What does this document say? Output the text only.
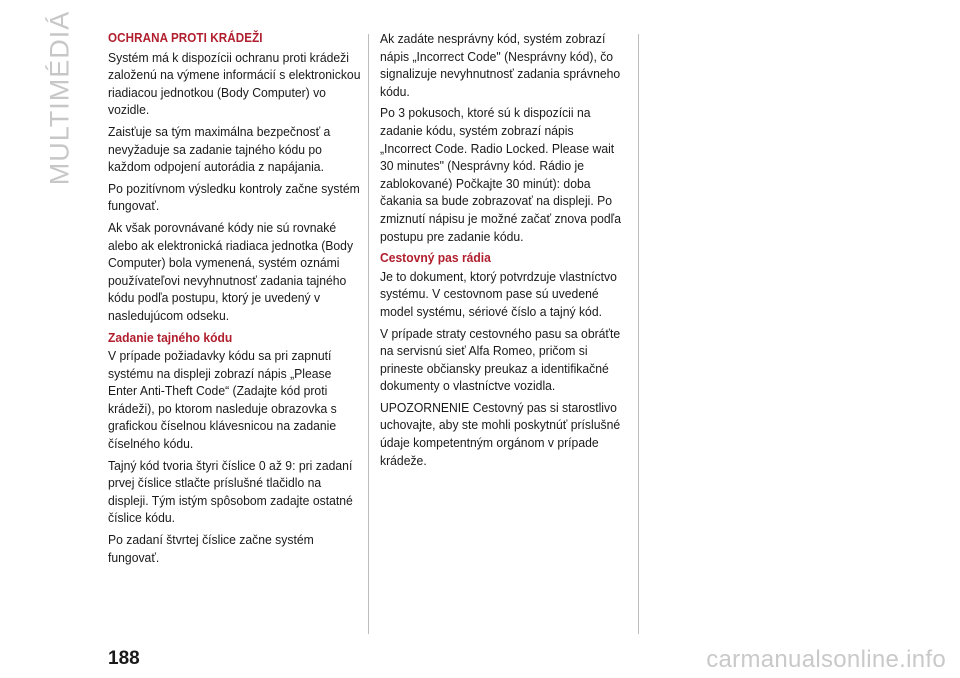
MULTIMÉDIÁ	OCHRANA PROTI KRÁDEŽI

Systém má k dispozícii ochranu proti krádeži založenú na výmene informácií s elektronickou riadiacou jednotkou (Body Computer) vo vozidle.

Zaisťuje sa tým maximálna bezpečnosť a nevyžaduje sa zadanie tajného kódu po každom odpojení autorádia z napájania.

Po pozitívnom výsledku kontroly začne systém fungovať.

Ak však porovnávané kódy nie sú rovnaké alebo ak elektronická riadiaca jednotka (Body Computer) bola vymenená, systém oznámi používateľovi nevyhnutnosť zadania tajného kódu podľa postupu, ktorý je uvedený v nasledujúcom odseku.

Zadanie tajného kódu

V prípade požiadavky kódu sa pri zapnutí systému na displeji zobrazí nápis „Please Enter Anti-Theft Code“ (Zadajte kód proti krádeži), po ktorom nasleduje obrazovka s grafickou číselnou klávesnicou na zadanie číselného kódu.

Tajný kód tvoria štyri číslice 0 až 9: pri zadaní prvej číslice stlačte príslušné tlačidlo na displeji. Tým istým spôsobom zadajte ostatné číslice kódu.

Po zadaní štvrtej číslice začne systém fungovať.

Ak zadáte nesprávny kód, systém zobrazí nápis „Incorrect Code" (Nesprávny kód), čo signalizuje nevyhnutnosť zadania správneho kódu.

Po 3 pokusoch, ktoré sú k dispozícii na zadanie kódu, systém zobrazí nápis „Incorrect Code. Radio Locked. Please wait 30 minutes" (Nesprávny kód. Rádio je zablokované) Počkajte 30 minút): doba čakania sa bude zobrazovať na displeji. Po zmiznutí nápisu je možné začať znova podľa postupu pre zadanie kódu.

Cestovný pas rádia

Je to dokument, ktorý potvrdzuje vlastníctvo systému. V cestovnom pase sú uvedené model systému, sériové číslo a tajný kód.

V prípade straty cestovného pasu sa obráťte na servisnú sieť Alfa Romeo, pričom si prineste občiansky preukaz a identifikačné dokumenty o vlastníctve vozidla.

UPOZORNENIE Cestovný pas si starostlivo uchovajte, aby ste mohli poskytnúť príslušné údaje kompetentným orgánom v prípade krádeže.

188	carmanualsonline.info
